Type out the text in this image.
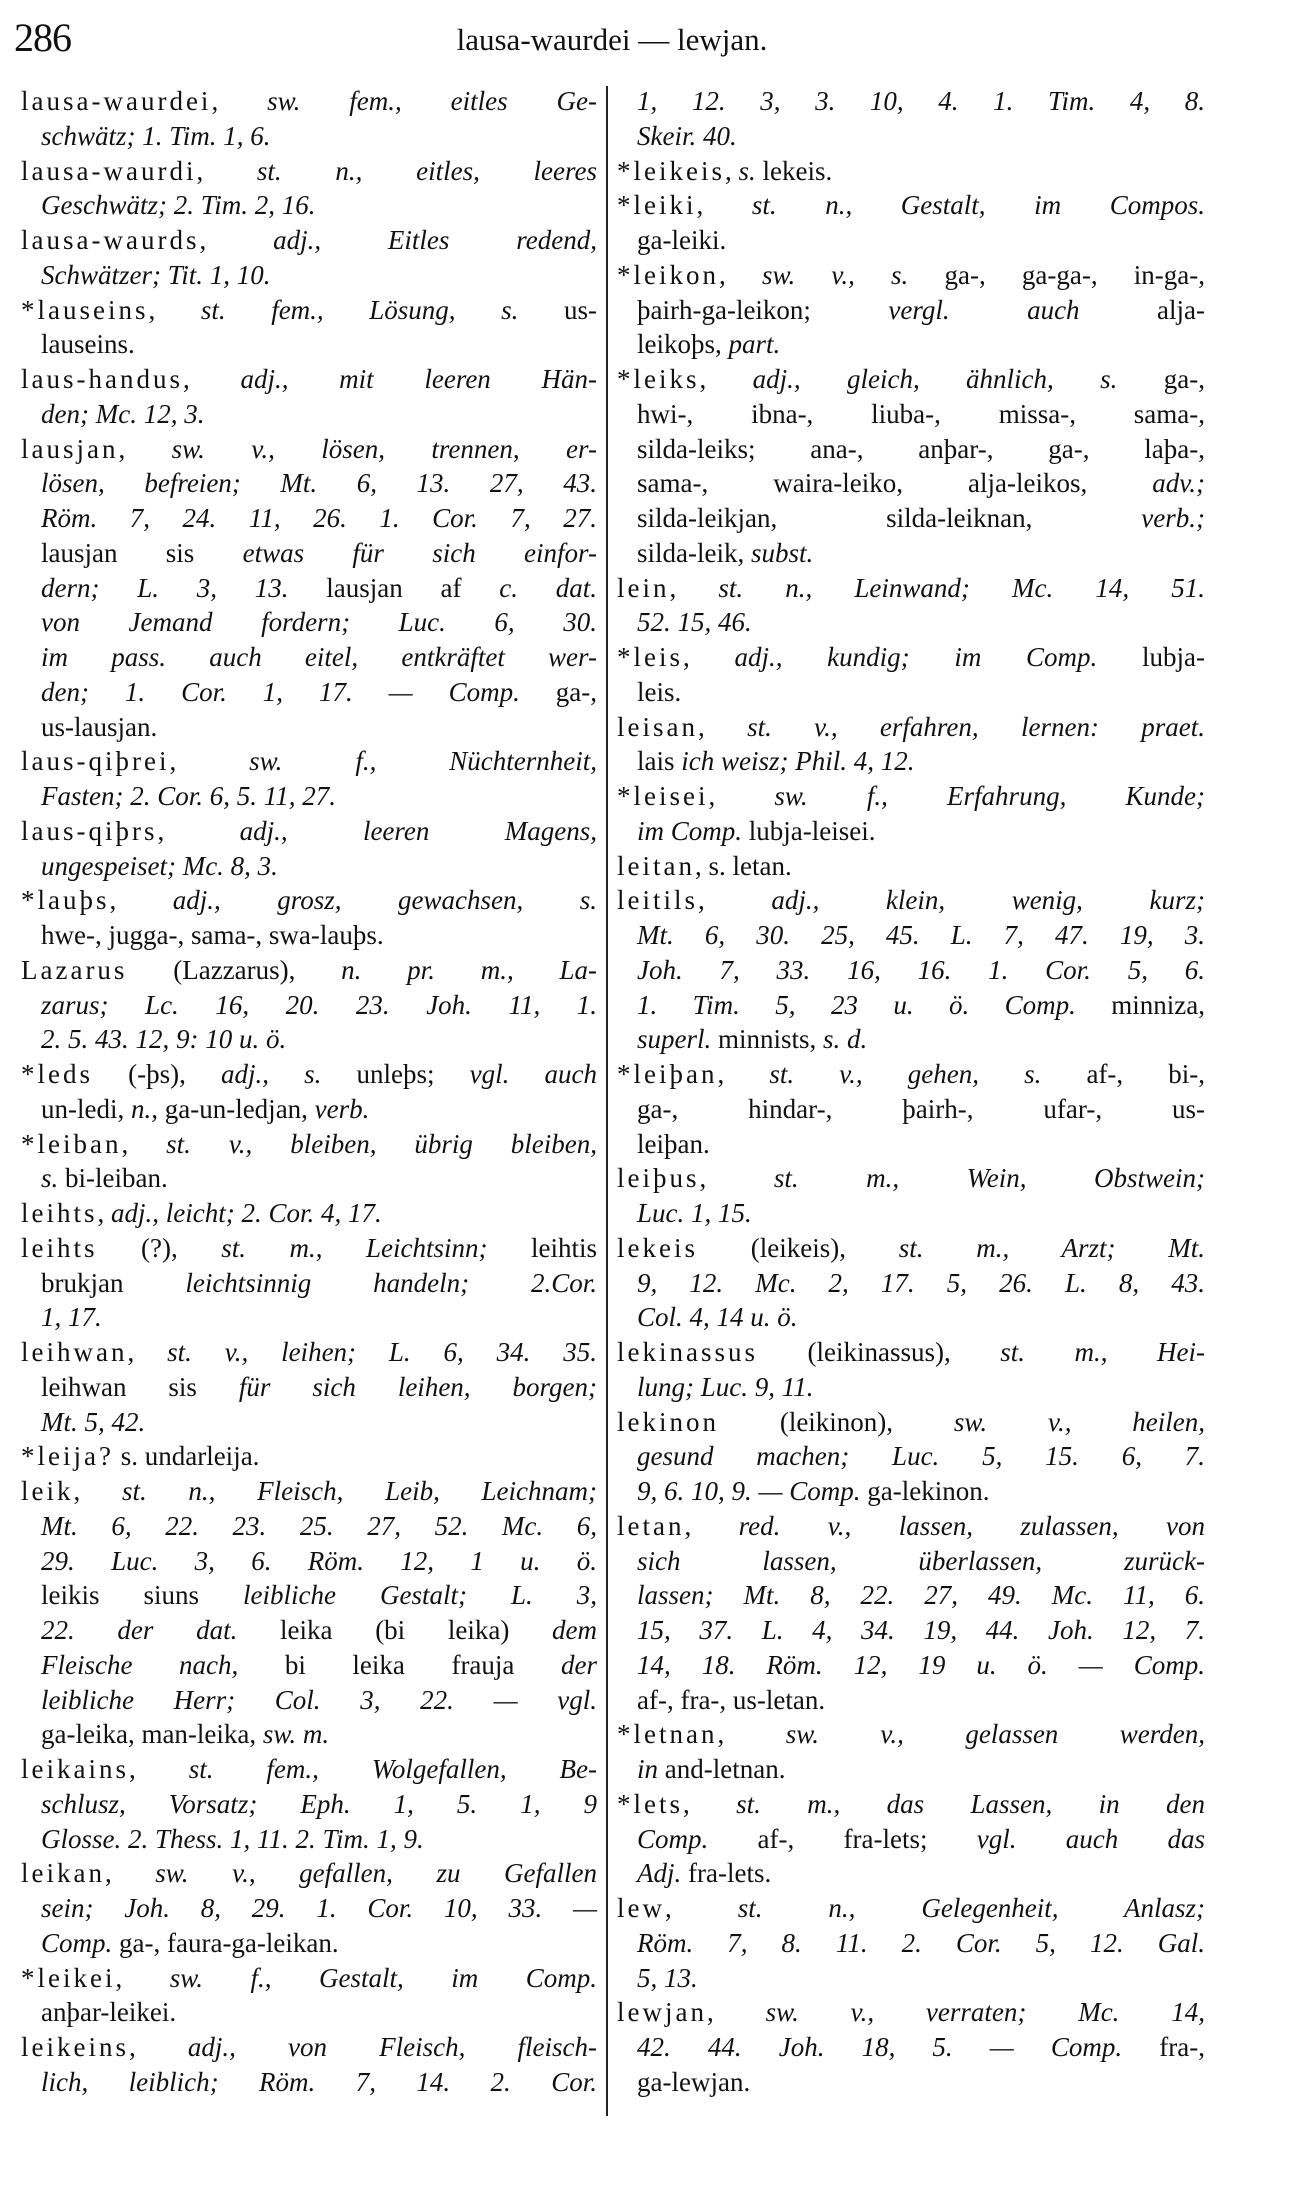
286	lausa-waurdei — lewjan.
lausa-waurdei, sw. fem., eitles Ge-
schwätz; 1. Tim. 1, 6.
lausa-waurdi, st. n., eitles, leeres
Geschwätz; 2. Tim. 2, 16.
lausa-waurds, adj., Eitles redend,
Schwätzer; Tit. 1, 10.
*lauseins, st. fem., Lösung, s. us-
lauseins.
laus-handus, adj., mit leeren Hän-
den; Mc. 12, 3.
lausjan, sw. v., lösen, trennen, er-
lösen, befreien; Mt. 6, 13. 27, 43.
Röm. 7, 24. 11, 26. 1. Cor. 7, 27.
lausjan sis etwas für sich einfor-
dern; L. 3, 13. lausjan af c. dat.
von Jemand fordern; Luc. 6, 30.
im pass. auch eitel, entkräftet wer-
den; 1. Cor. 1, 17. — Comp. ga-,
us-lausjan.
laus-qiþrei, sw. f., Nüchternheit,
Fasten; 2. Cor. 6, 5. 11, 27.
laus-qiþrs, adj., leeren Magens,
ungespeiset; Mc. 8, 3.
*lauþs, adj., grosz, gewachsen, s.
hwe-, jugga-, sama-, swa-lauþs.
Lazarus (Lazzarus), n. pr. m., La-
zarus; Lc. 16, 20. 23. Joh. 11, 1.
2. 5. 43. 12, 9: 10 u. ö.
*leds (-þs), adj., s. unleþs; vgl. auch
un-ledi, n., ga-un-ledjan, verb.
*leiban, st. v., bleiben, übrig bleiben,
s. bi-leiban.
leihts, adj., leicht; 2. Cor. 4, 17.
leihts (?), st. m., Leichtsinn; leihtis
brukjan leichtsinnig handeln; 2.Cor.
1, 17.
leihwan, st. v., leihen; L. 6, 34. 35.
leihwan sis für sich leihen, borgen;
Mt. 5, 42.
*leija? s. undarleija.
leik, st. n., Fleisch, Leib, Leichnam;
Mt. 6, 22. 23. 25. 27, 52. Mc. 6,
29. Luc. 3, 6. Röm. 12, 1 u. ö.
leikis siuns leibliche Gestalt; L. 3,
22. der dat. leika (bi leika) dem
Fleische nach, bi leika frauja der
leibliche Herr; Col. 3, 22. — vgl.
ga-leika, man-leika, sw. m.
leikains, st. fem., Wolgefallen, Be-
schlusz, Vorsatz; Eph. 1, 5. 1, 9
Glosse. 2. Thess. 1, 11. 2. Tim. 1, 9.
leikan, sw. v., gefallen, zu Gefallen
sein; Joh. 8, 29. 1. Cor. 10, 33. —
Comp. ga-, faura-ga-leikan.
*leikei, sw. f., Gestalt, im Comp.
anþar-leikei.
leikeins, adj., von Fleisch, fleisch-
lich, leiblich; Röm. 7, 14. 2. Cor.
1, 12. 3, 3. 10, 4. 1. Tim. 4, 8.
Skeir. 40.
*leikeis, s. lekeis.
*leiki, st. n., Gestalt, im Compos.
ga-leiki.
*leikon, sw. v., s. ga-, ga-ga-, in-ga-,
þairh-ga-leikon; vergl. auch alja-
leikoþs, part.
*leiks, adj., gleich, ähnlich, s. ga-,
hwi-, ibna-, liuba-, missa-, sama-,
silda-leiks; ana-, anþar-, ga-, laþa-,
sama-, waira-leiko, alja-leikos, adv.;
silda-leikjan, silda-leiknan, verb.;
silda-leik, subst.
lein, st. n., Leinwand; Mc. 14, 51.
52. 15, 46.
*leis, adj., kundig; im Comp. lubja-
leis.
leisan, st. v., erfahren, lernen: praet.
lais ich weisz; Phil. 4, 12.
*leisei, sw. f., Erfahrung, Kunde;
im Comp. lubja-leisei.
leitan, s. letan.
leitils, adj., klein, wenig, kurz;
Mt. 6, 30. 25, 45. L. 7, 47. 19, 3.
Joh. 7, 33. 16, 16. 1. Cor. 5, 6.
1. Tim. 5, 23 u. ö. Comp. minniza,
superl. minnists, s. d.
*leiþan, st. v., gehen, s. af-, bi-,
ga-, hindar-, þairh-, ufar-, us-
leiþan.
leiþus, st. m., Wein, Obstwein;
Luc. 1, 15.
lekeis (leikeis), st. m., Arzt; Mt.
9, 12. Mc. 2, 17. 5, 26. L. 8, 43.
Col. 4, 14 u. ö.
lekinassus (leikinassus), st. m., Hei-
lung; Luc. 9, 11.
lekinon (leikinon), sw. v., heilen,
gesund machen; Luc. 5, 15. 6, 7.
9, 6. 10, 9. — Comp. ga-lekinon.
letan, red. v., lassen, zulassen, von
sich lassen, überlassen, zurück-
lassen; Mt. 8, 22. 27, 49. Mc. 11, 6.
15, 37. L. 4, 34. 19, 44. Joh. 12, 7.
14, 18. Röm. 12, 19 u. ö. — Comp.
af-, fra-, us-letan.
*letnan, sw. v., gelassen werden,
in and-letnan.
*lets, st. m., das Lassen, in den
Comp. af-, fra-lets; vgl. auch das
Adj. fra-lets.
lew, st. n., Gelegenheit, Anlasz;
Röm. 7, 8. 11. 2. Cor. 5, 12. Gal.
5, 13.
lewjan, sw. v., verraten; Mc. 14,
42. 44. Joh. 18, 5. — Comp. fra-,
ga-lewjan.
